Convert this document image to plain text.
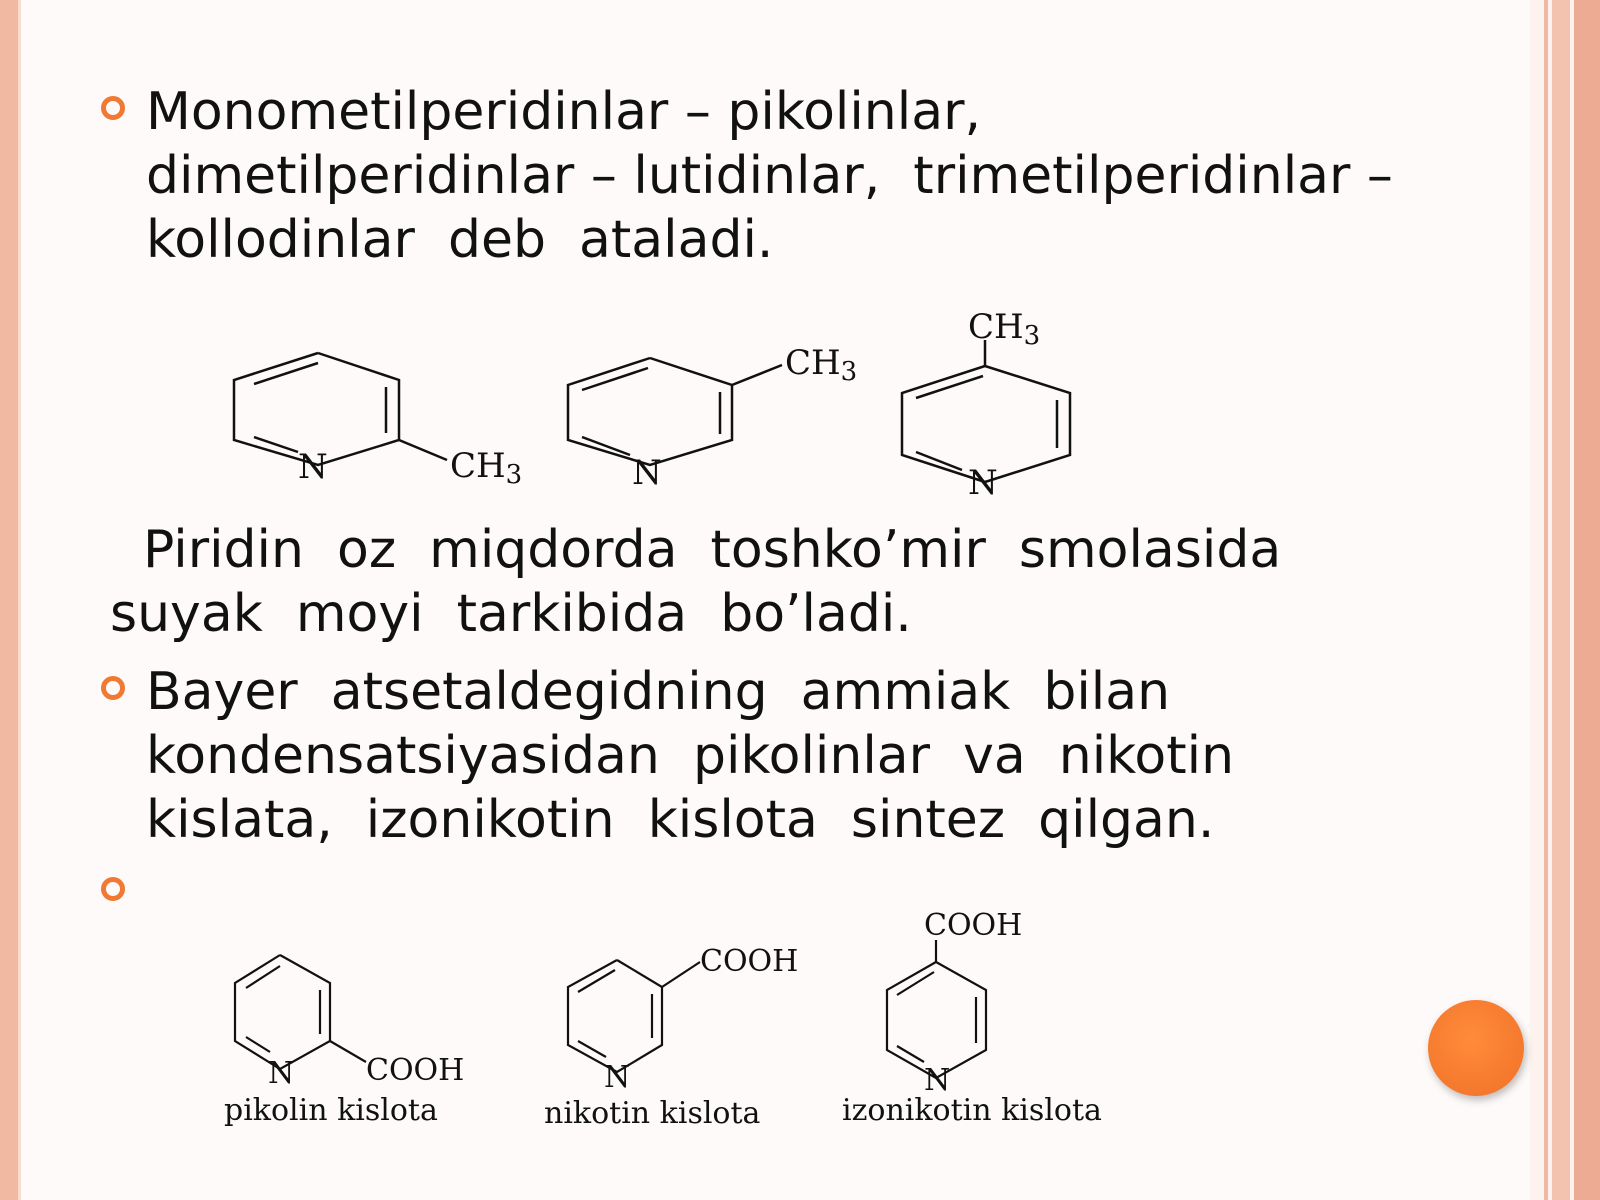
Monometilperidinlar – pikolinlar,
dimetilperidinlar – lutidinlar,  trimetilperidinlar –
kollodinlar  deb  ataladi.
N	CH3	N
CH3
N
CH3
N COOH	N
COOH
N
COOH
pikolin kislota	nikotin kislota	izonikotin kislota
Piridin  oz  miqdorda  toshko’mir  smolasida
suyak  moyi  tarkibida  bo’ladi.
Bayer  atsetaldegidning  ammiak  bilan
kondensatsiyasidan  pikolinlar  va  nikotin
kislata,  izonikotin  kislota  sintez  qilgan.
